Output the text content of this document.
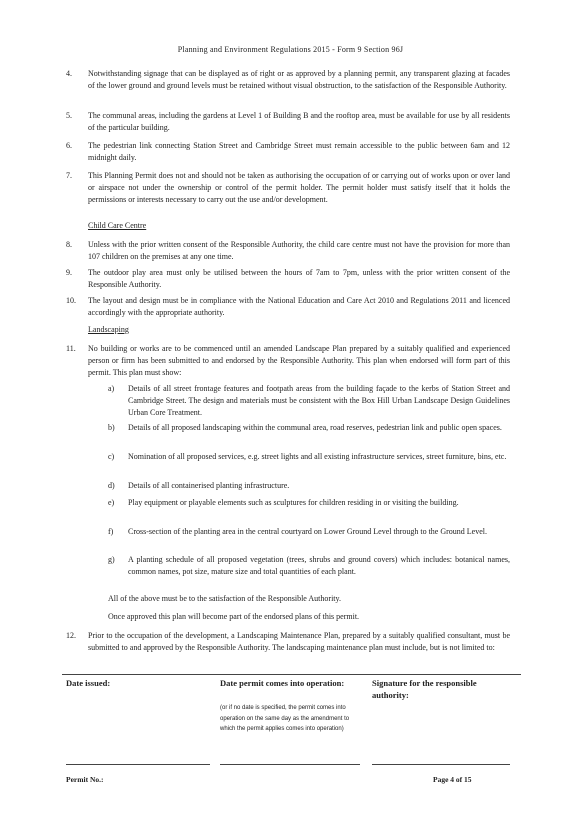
Planning and Environment Regulations 2015 - Form 9 Section 96J
4. Notwithstanding signage that can be displayed as of right or as approved by a planning permit, any transparent glazing at facades of the lower ground and ground levels must be retained without visual obstruction, to the satisfaction of the Responsible Authority.
5. The communal areas, including the gardens at Level 1 of Building B and the rooftop area, must be available for use by all residents of the particular building.
6. The pedestrian link connecting Station Street and Cambridge Street must remain accessible to the public between 6am and 12 midnight daily.
7. This Planning Permit does not and should not be taken as authorising the occupation of or carrying out of works upon or over land or airspace not under the ownership or control of the permit holder. The permit holder must satisfy itself that it holds the permissions or interests necessary to carry out the use and/or development.
Child Care Centre
8. Unless with the prior written consent of the Responsible Authority, the child care centre must not have the provision for more than 107 children on the premises at any one time.
9. The outdoor play area must only be utilised between the hours of 7am to 7pm, unless with the prior written consent of the Responsible Authority.
10. The layout and design must be in compliance with the National Education and Care Act 2010 and Regulations 2011 and licenced accordingly with the appropriate authority.
Landscaping
11. No building or works are to be commenced until an amended Landscape Plan prepared by a suitably qualified and experienced person or firm has been submitted to and endorsed by the Responsible Authority. This plan when endorsed will form part of this permit. This plan must show:
a) Details of all street frontage features and footpath areas from the building façade to the kerbs of Station Street and Cambridge Street. The design and materials must be consistent with the Box Hill Urban Landscape Design Guidelines Urban Core Treatment.
b) Details of all proposed landscaping within the communal area, road reserves, pedestrian link and public open spaces.
c) Nomination of all proposed services, e.g. street lights and all existing infrastructure services, street furniture, bins, etc.
d) Details of all containerised planting infrastructure.
e) Play equipment or playable elements such as sculptures for children residing in or visiting the building.
f) Cross-section of the planting area in the central courtyard on Lower Ground Level through to the Ground Level.
g) A planting schedule of all proposed vegetation (trees, shrubs and ground covers) which includes: botanical names, common names, pot size, mature size and total quantities of each plant.
All of the above must be to the satisfaction of the Responsible Authority.
Once approved this plan will become part of the endorsed plans of this permit.
12. Prior to the occupation of the development, a Landscaping Maintenance Plan, prepared by a suitably qualified consultant, must be submitted to and approved by the Responsible Authority. The landscaping maintenance plan must include, but is not limited to:
Date issued:	Date permit comes into operation:
(or if no date is specified, the permit comes into operation on the same day as the amendment to which the permit applies comes into operation)
Signature for the responsible authority:
Permit No.:	Page 4 of 15
